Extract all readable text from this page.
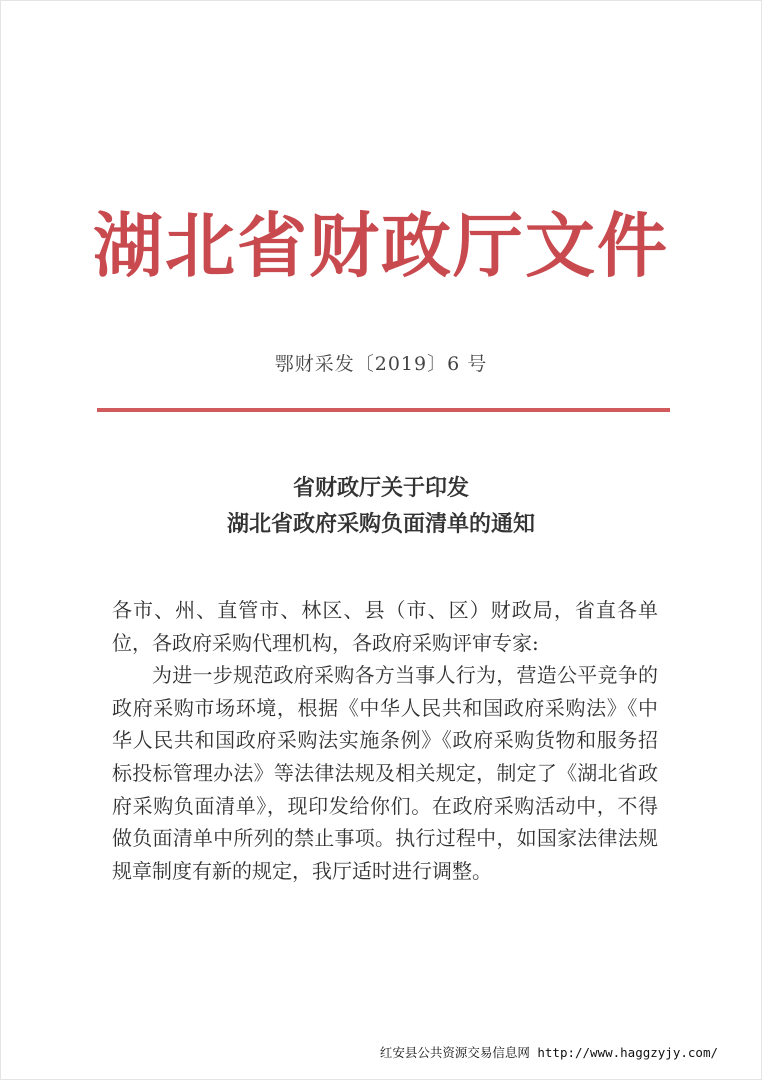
湖北省财政厅文件
鄂财采发〔2019〕6 号
省财政厅关于印发
湖北省政府采购负面清单的通知

各市、州、直管市、林区、县（市、区）财政局，省直各单位，各政府采购代理机构，各政府采购评审专家:

为进一步规范政府采购各方当事人行为，营造公平竞争的政府采购市场环境，根据《中华人民共和国政府采购法》《中华人民共和国政府采购法实施条例》《政府采购货物和服务招标投标管理办法》等法律法规及相关规定，制定了《湖北省政府采购负面清单》，现印发给你们。在政府采购活动中，不得做负面清单中所列的禁止事项。执行过程中，如国家法律法规规章制度有新的规定，我厅适时进行调整。

红安县公共资源交易信息网 http://www.haggzyjy.com/
